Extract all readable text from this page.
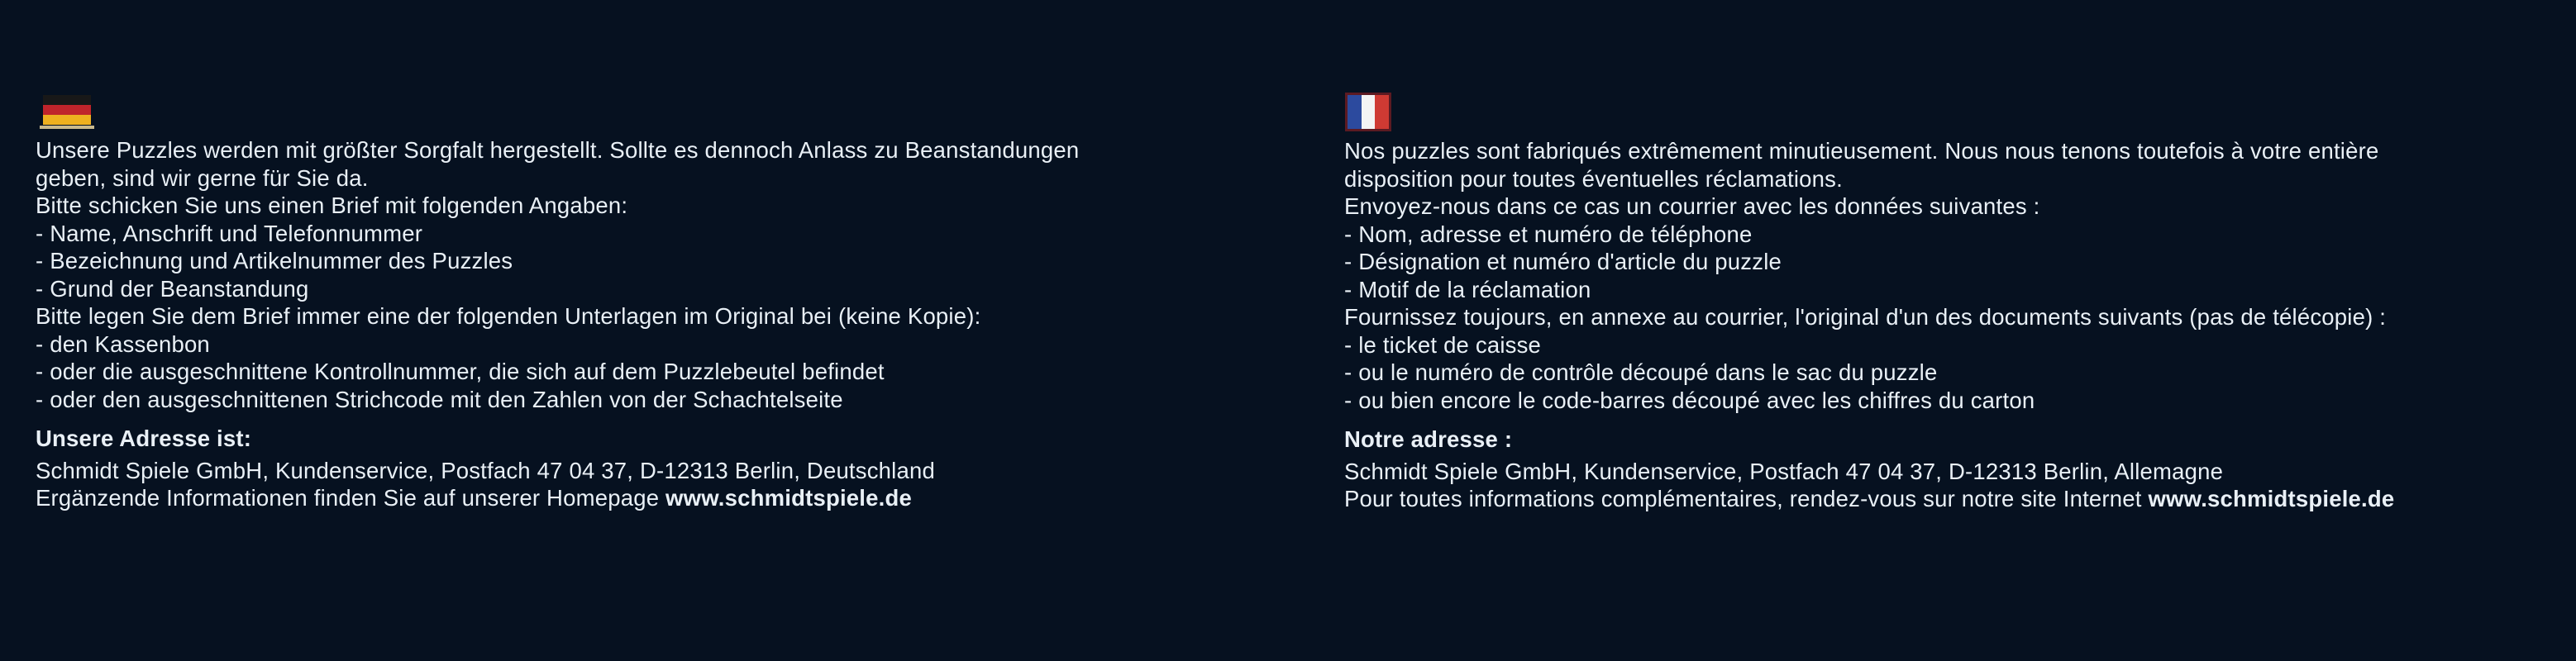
Unsere Puzzles werden mit größter Sorgfalt hergestellt. Sollte es dennoch Anlass zu Beanstandungen
geben, sind wir gerne für Sie da.
Bitte schicken Sie uns einen Brief mit folgenden Angaben:
- Name, Anschrift und Telefonnummer
- Bezeichnung und Artikelnummer des Puzzles
- Grund der Beanstandung
Bitte legen Sie dem Brief immer eine der folgenden Unterlagen im Original bei (keine Kopie):
- den Kassenbon
- oder die ausgeschnittene Kontrollnummer, die sich auf dem Puzzlebeutel befindet
- oder den ausgeschnittenen Strichcode mit den Zahlen von der Schachtelseite
Unsere Adresse ist:
Schmidt Spiele GmbH, Kundenservice, Postfach 47 04 37, D-12313 Berlin, Deutschland
Ergänzende Informationen finden Sie auf unserer Homepage www.schmidtspiele.de
Nos puzzles sont fabriqués extrêmement minutieusement. Nous nous tenons toutefois à votre entière
disposition pour toutes éventuelles réclamations.
Envoyez-nous dans ce cas un courrier avec les données suivantes :
- Nom, adresse et numéro de téléphone
- Désignation et numéro d'article du puzzle
- Motif de la réclamation
Fournissez toujours, en annexe au courrier, l'original d'un des documents suivants (pas de télécopie) :
- le ticket de caisse
- ou le numéro de contrôle découpé dans le sac du puzzle
- ou bien encore le code-barres découpé avec les chiffres du carton
Notre adresse :
Schmidt Spiele GmbH, Kundenservice, Postfach 47 04 37, D-12313 Berlin, Allemagne
Pour toutes informations complémentaires, rendez-vous sur notre site Internet www.schmidtspiele.de
